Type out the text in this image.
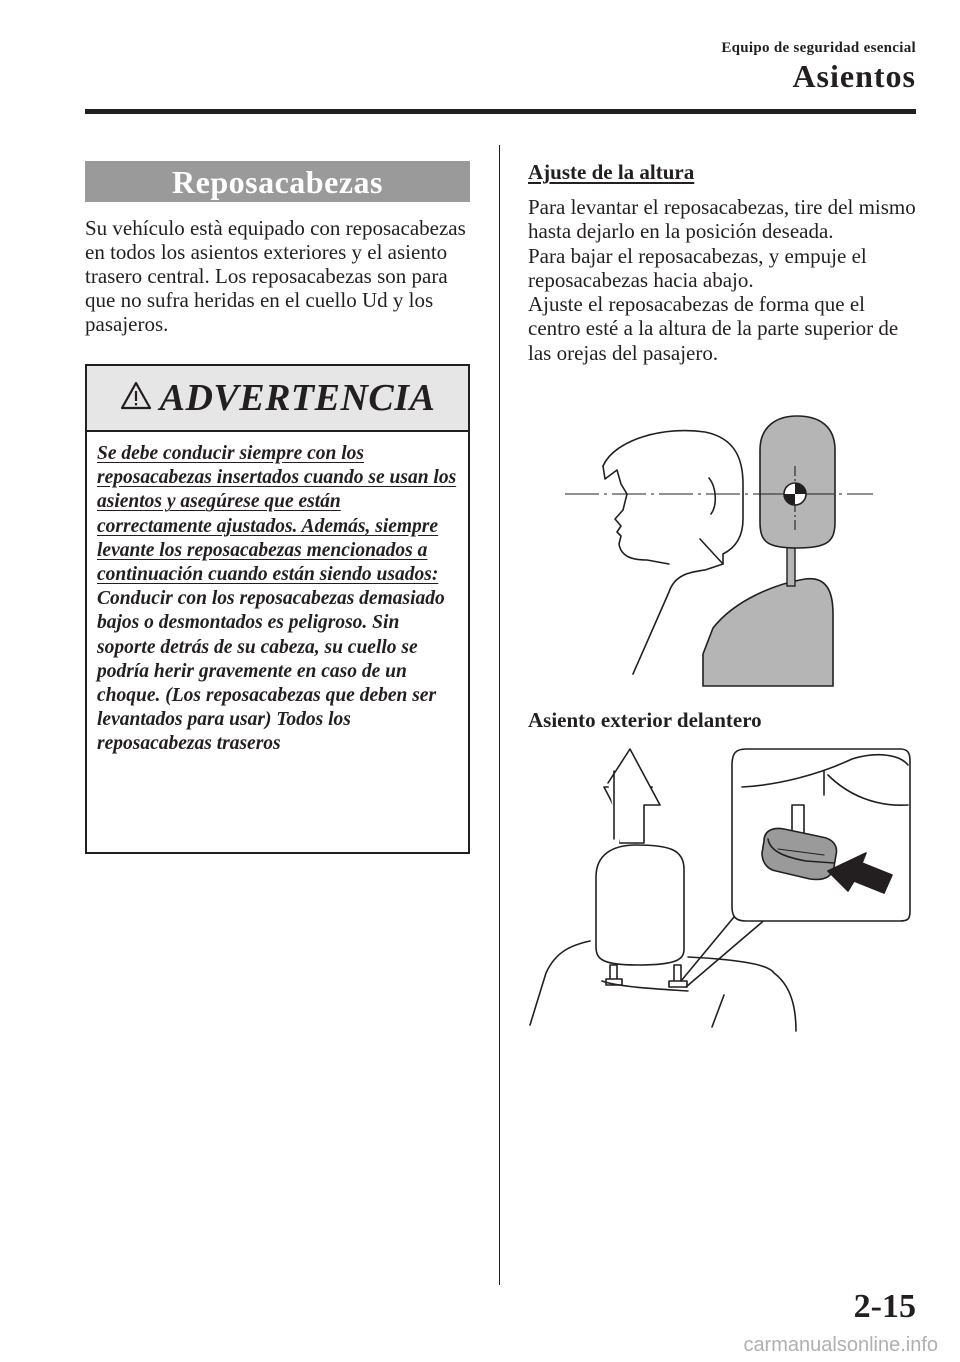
Equipo de seguridad esencial

Asientos
Reposacabezas

Su vehículo està equipado con reposacabezas en todos los asientos exteriores y el asiento trasero central. Los reposacabezas son para que no sufra heridas en el cuello Ud y los pasajeros.

ADVERTENCIA
Se debe conducir siempre con los reposacabezas insertados cuando se usan los asientos y asegúrese que están correctamente ajustados. Además, siempre levante los reposacabezas mencionados a continuación cuando están siendo usados:
Conducir con los reposacabezas demasiado bajos o desmontados es peligroso. Sin soporte detrás de su cabeza, su cuello se podría herir gravemente en caso de un choque. (Los reposacabezas que deben ser levantados para usar) Todos los reposacabezas traseros
Ajuste de la altura
Para levantar el reposacabezas, tire del mismo hasta dejarlo en la posición deseada.
Para bajar el reposacabezas, y empuje el reposacabezas hacia abajo.
Ajuste el reposacabezas de forma que el centro esté a la altura de la parte superior de las orejas del pasajero.

Asiento exterior delantero

2-15

carmanualsonline.info
